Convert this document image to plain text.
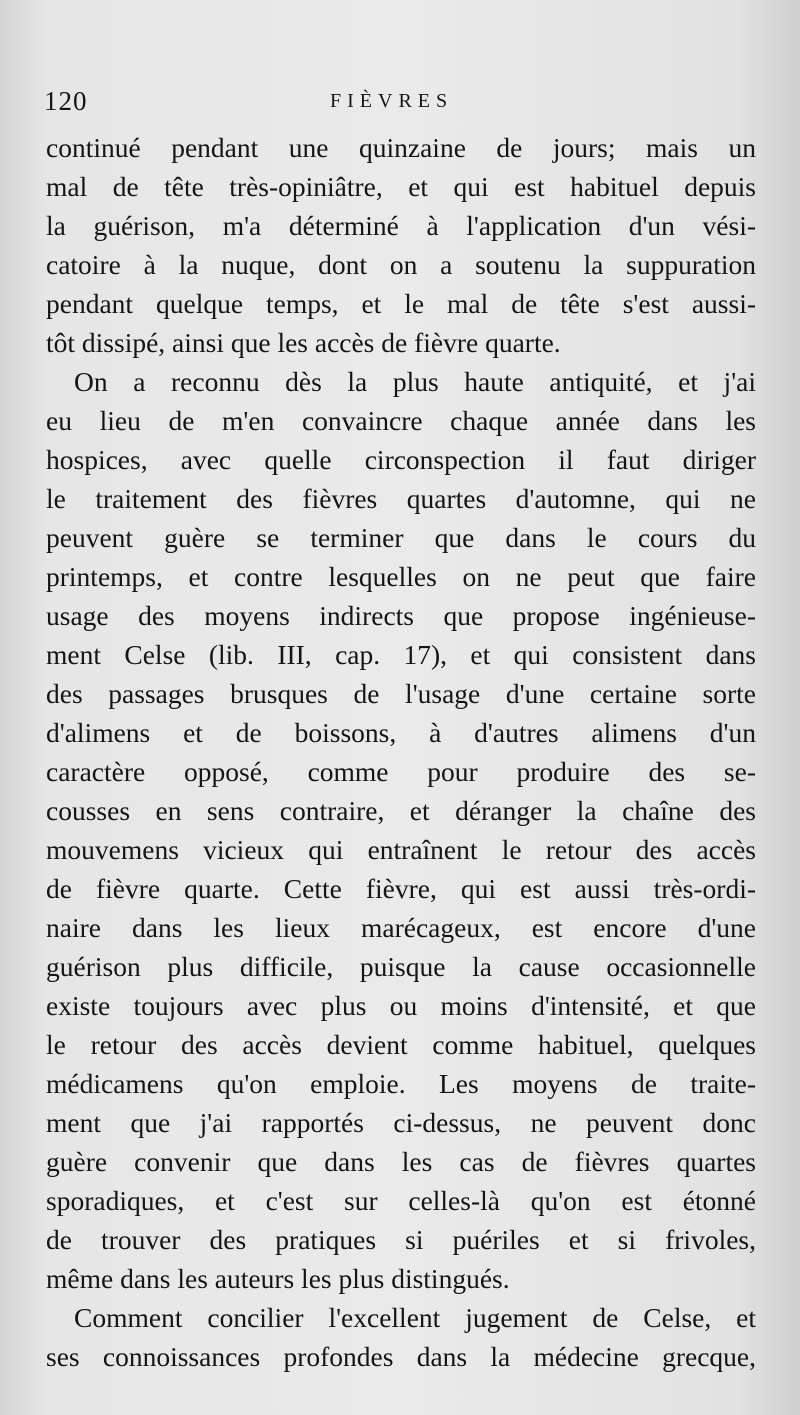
120	FIÈVRES
continué pendant une quinzaine de jours; mais un
mal de tête très-opiniâtre, et qui est habituel depuis
la guérison, m'a déterminé à l'application d'un vési-
catoire à la nuque, dont on a soutenu la suppuration
pendant quelque temps, et le mal de tête s'est aussi-
tôt dissipé, ainsi que les accès de fièvre quarte.
On a reconnu dès la plus haute antiquité, et j'ai
eu lieu de m'en convaincre chaque année dans les
hospices, avec quelle circonspection il faut diriger
le traitement des fièvres quartes d'automne, qui ne
peuvent guère se terminer que dans le cours du
printemps, et contre lesquelles on ne peut que faire
usage des moyens indirects que propose ingénieuse-
ment Celse (lib. III, cap. 17), et qui consistent dans
des passages brusques de l'usage d'une certaine sorte
d'alimens et de boissons, à d'autres alimens d'un
caractère opposé, comme pour produire des se-
cousses en sens contraire, et déranger la chaîne des
mouvemens vicieux qui entraînent le retour des accès
de fièvre quarte. Cette fièvre, qui est aussi très-ordi-
naire dans les lieux marécageux, est encore d'une
guérison plus difficile, puisque la cause occasionnelle
existe toujours avec plus ou moins d'intensité, et que
le retour des accès devient comme habituel, quelques
médicamens qu'on emploie. Les moyens de traite-
ment que j'ai rapportés ci-dessus, ne peuvent donc
guère convenir que dans les cas de fièvres quartes
sporadiques, et c'est sur celles-là qu'on est étonné
de trouver des pratiques si puériles et si frivoles,
même dans les auteurs les plus distingués.
Comment concilier l'excellent jugement de Celse, et
ses connoissances profondes dans la médecine grecque,
